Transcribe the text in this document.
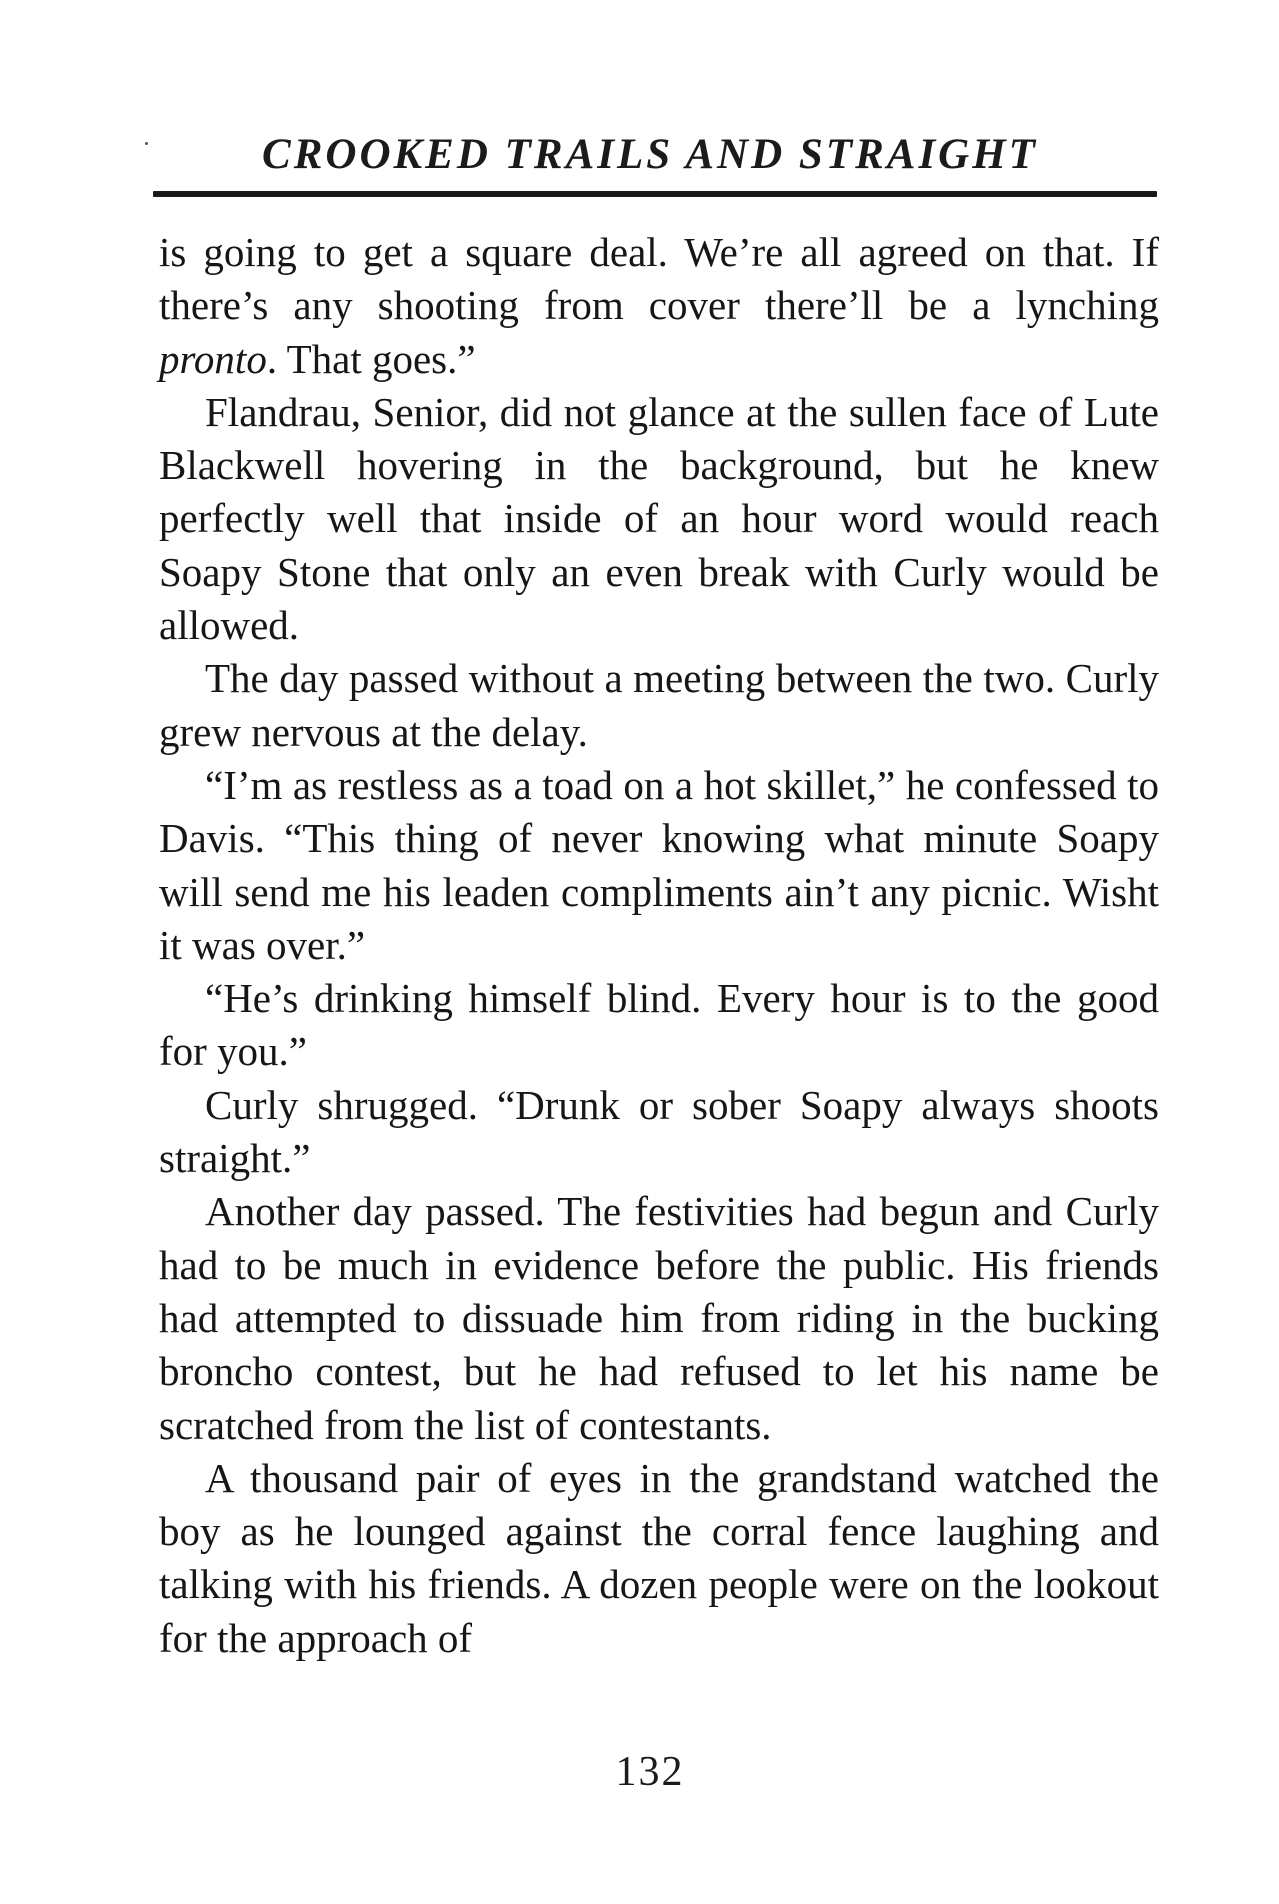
CROOKED TRAILS AND STRAIGHT

is going to get a square deal. We’re all agreed on that. If there’s any shooting from cover there’ll be a lynching pronto. That goes.”

Flandrau, Senior, did not glance at the sullen face of Lute Blackwell hovering in the background, but he knew perfectly well that inside of an hour word would reach Soapy Stone that only an even break with Curly would be allowed.

The day passed without a meeting between the two. Curly grew nervous at the delay.

“I’m as restless as a toad on a hot skillet,” he confessed to Davis. “This thing of never knowing what minute Soapy will send me his leaden compliments ain’t any picnic. Wisht it was over.”

“He’s drinking himself blind. Every hour is to the good for you.”

Curly shrugged. “Drunk or sober Soapy always shoots straight.”

Another day passed. The festivities had begun and Curly had to be much in evidence before the public. His friends had attempted to dissuade him from riding in the bucking broncho contest, but he had refused to let his name be scratched from the list of contestants.

A thousand pair of eyes in the grandstand watched the boy as he lounged against the corral fence laughing and talking with his friends. A dozen people were on the lookout for the approach of

132
